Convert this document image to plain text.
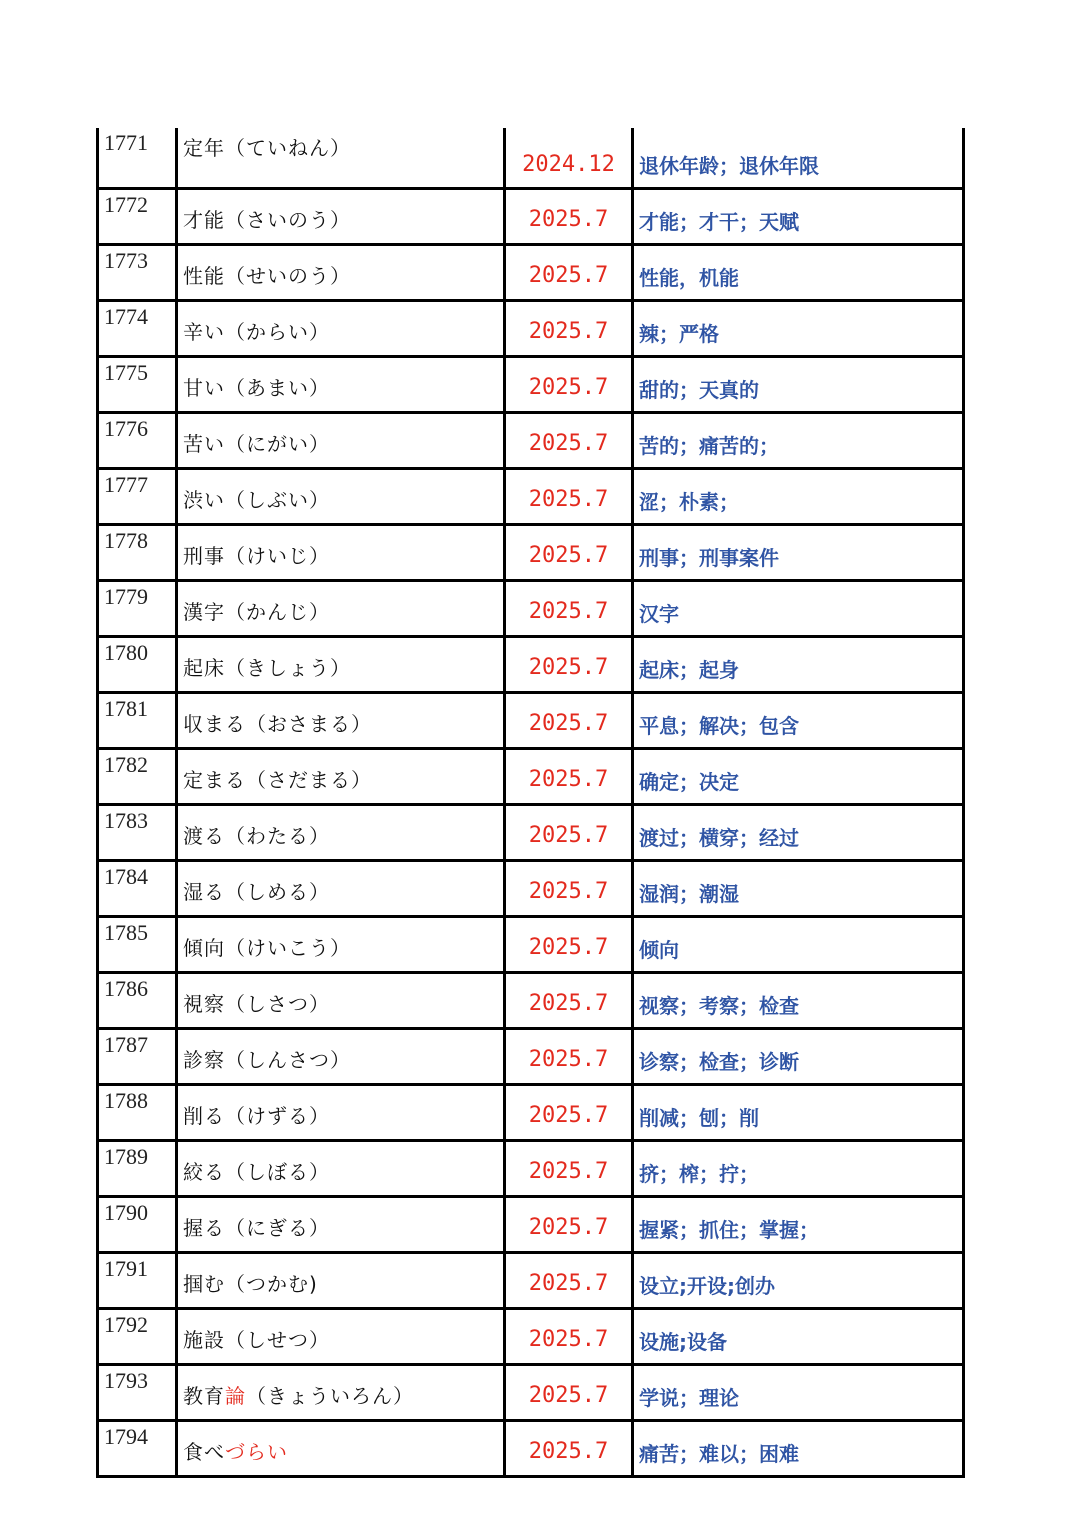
1771	定年（ていねん）	2024.12	退休年龄；退休年限
1772	才能（さいのう）	2025.7	才能；才干；天赋
1773	性能（せいのう）	2025.7	性能，机能
1774	辛い（からい）	2025.7	辣；严格
1775	甘い（あまい）	2025.7	甜的；天真的
1776	苦い（にがい）	2025.7	苦的；痛苦的；
1777	渋い（しぶい）	2025.7	涩；朴素；
1778	刑事（けいじ）	2025.7	刑事；刑事案件
1779	漢字（かんじ）	2025.7	汉字
1780	起床（きしょう）	2025.7	起床；起身
1781	収まる（おさまる）	2025.7	平息；解决；包含
1782	定まる（さだまる）	2025.7	确定；决定
1783	渡る（わたる）	2025.7	渡过；横穿；经过
1784	湿る（しめる）	2025.7	湿润；潮湿
1785	傾向（けいこう）	2025.7	倾向
1786	視察（しさつ）	2025.7	视察；考察；检查
1787	診察（しんさつ）	2025.7	诊察；检查；诊断
1788	削る（けずる）	2025.7	削减；刨；削
1789	絞る（しぼる）	2025.7	挤；榨；拧；
1790	握る（にぎる）	2025.7	握紧；抓住；掌握；
1791	掴む（つかむ)	2025.7	设立;开设;创办
1792	施設（しせつ）	2025.7	设施;设备
1793	教育論（きょういろん）	2025.7	学说；理论
1794	食べづらい	2025.7	痛苦；难以；困难
